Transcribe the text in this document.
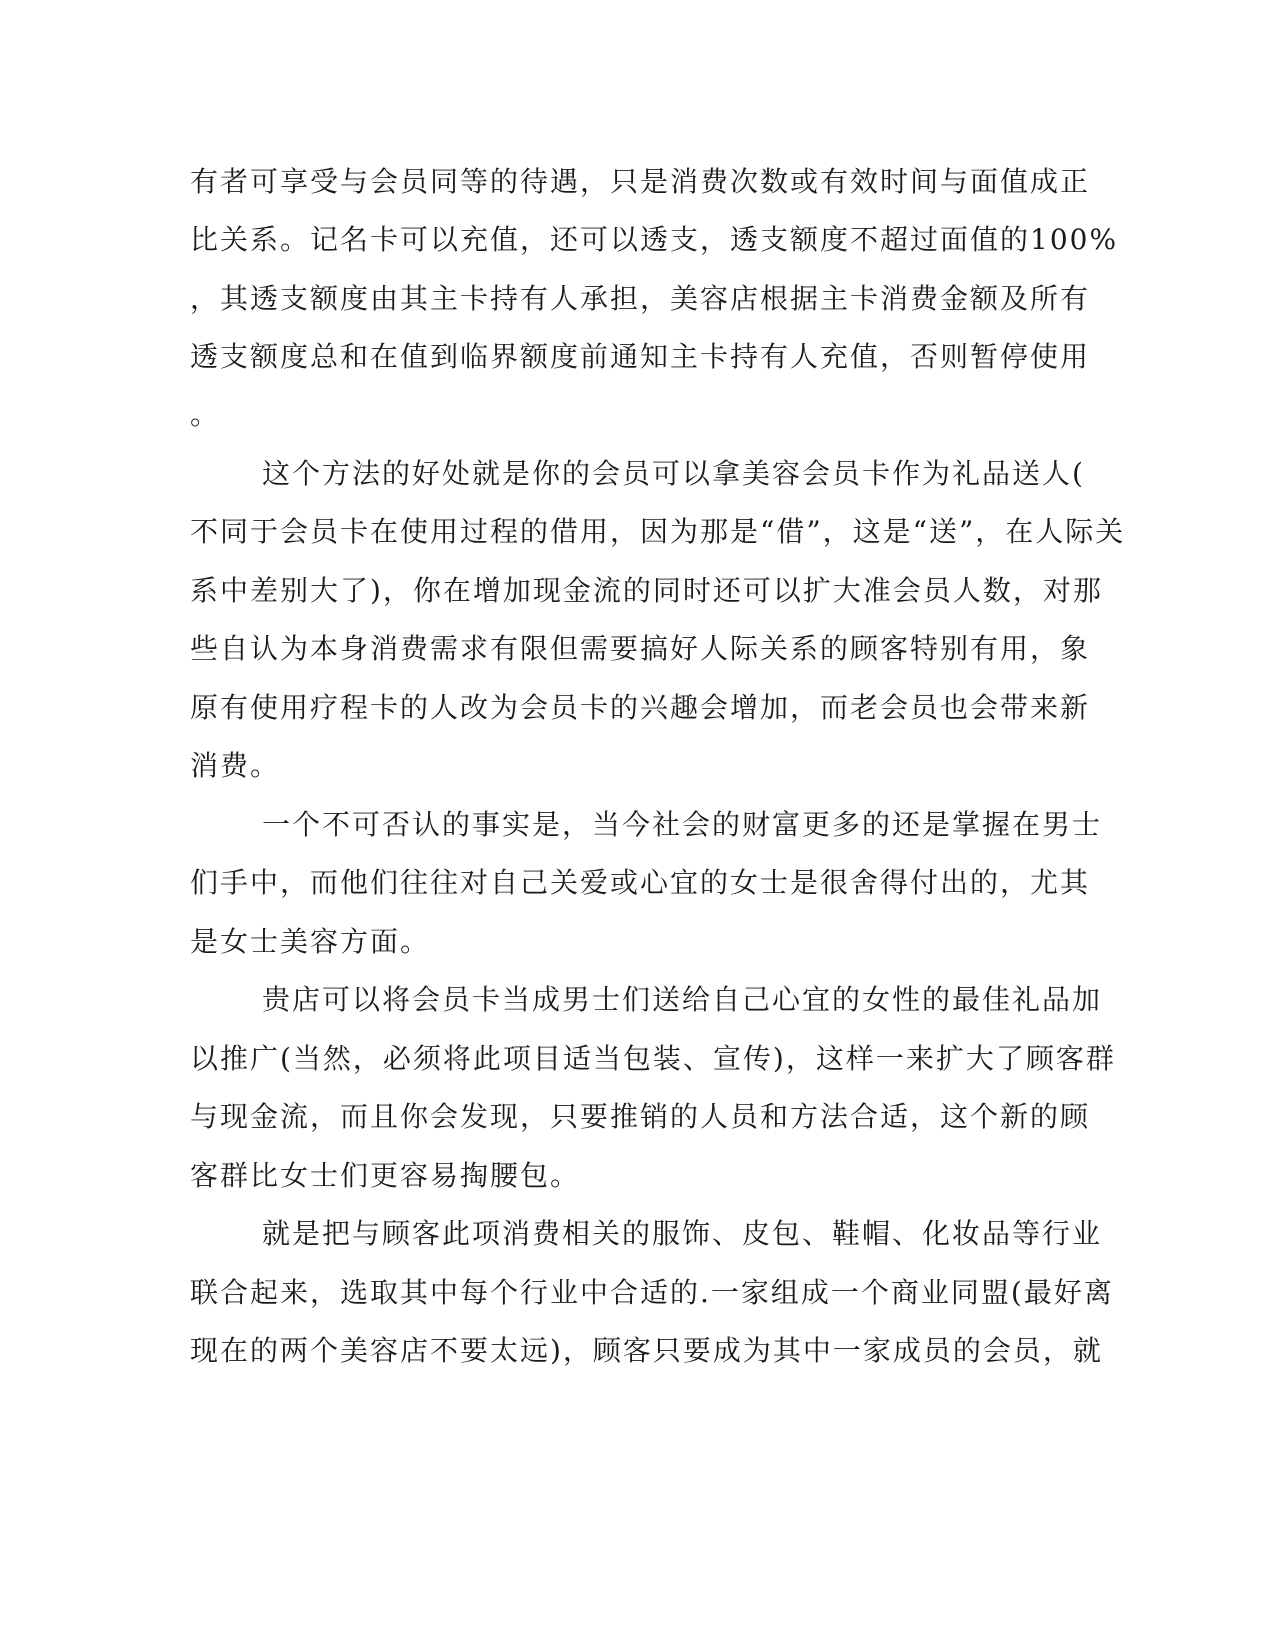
有者可享受与会员同等的待遇，只是消费次数或有效时间与面值成正
比关系。记名卡可以充值，还可以透支，透支额度不超过面值的100%
，其透支额度由其主卡持有人承担，美容店根据主卡消费金额及所有
透支额度总和在值到临界额度前通知主卡持有人充值，否则暂停使用
。
这个方法的好处就是你的会员可以拿美容会员卡作为礼品送人(
不同于会员卡在使用过程的借用，因为那是“借”，这是“送”，在人际关
系中差别大了)，你在增加现金流的同时还可以扩大准会员人数，对那
些自认为本身消费需求有限但需要搞好人际关系的顾客特别有用，象
原有使用疗程卡的人改为会员卡的兴趣会增加，而老会员也会带来新
消费。
一个不可否认的事实是，当今社会的财富更多的还是掌握在男士
们手中，而他们往往对自己关爱或心宜的女士是很舍得付出的，尤其
是女士美容方面。
贵店可以将会员卡当成男士们送给自己心宜的女性的最佳礼品加
以推广(当然，必须将此项目适当包装、宣传)，这样一来扩大了顾客群
与现金流，而且你会发现，只要推销的人员和方法合适，这个新的顾
客群比女士们更容易掏腰包。
就是把与顾客此项消费相关的服饰、皮包、鞋帽、化妆品等行业
联合起来，选取其中每个行业中合适的.一家组成一个商业同盟(最好离
现在的两个美容店不要太远)，顾客只要成为其中一家成员的会员，就
